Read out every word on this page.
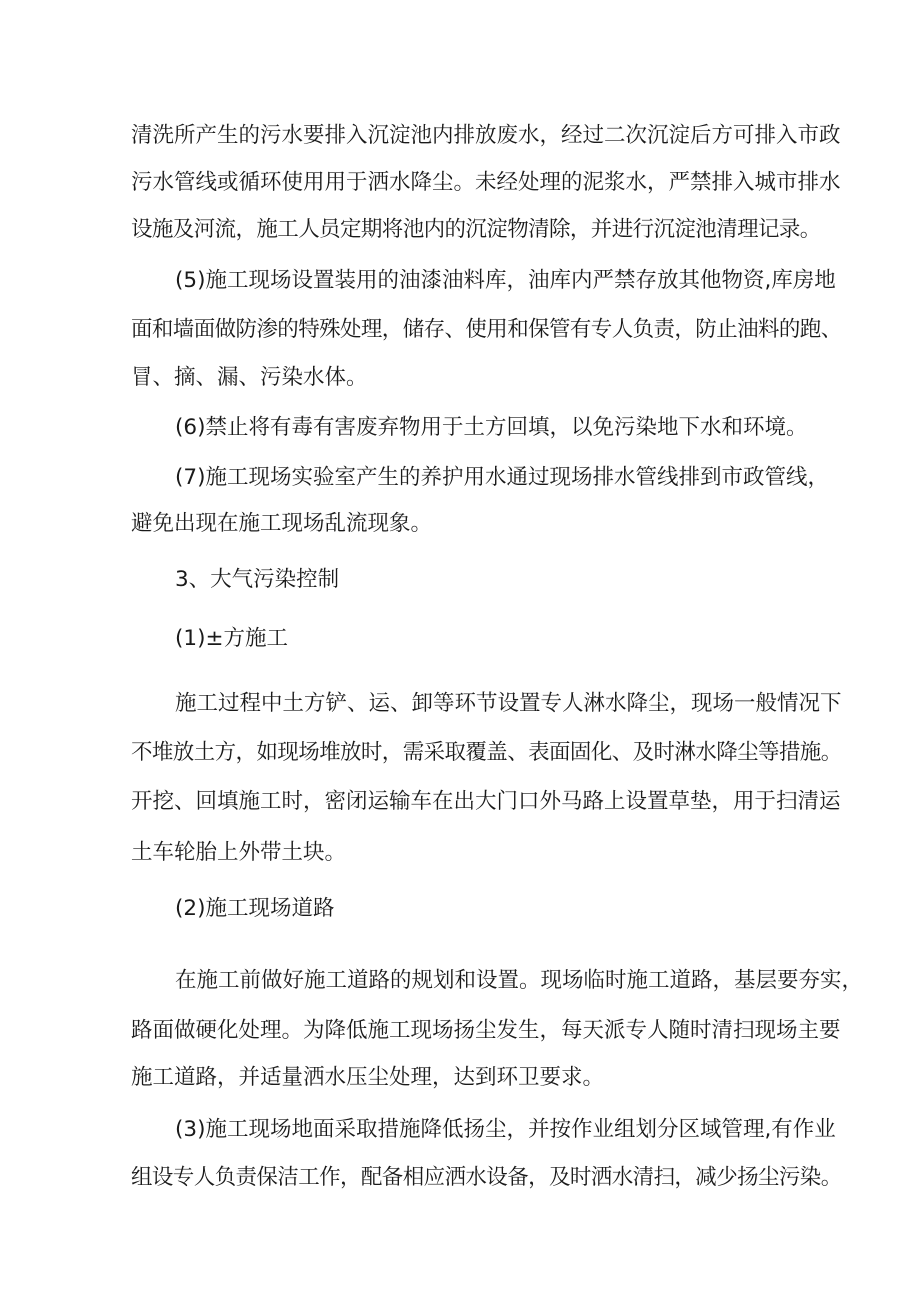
清洗所产生的污水要排入沉淀池内排放废水，经过二次沉淀后方可排入市政
污水管线或循环使用用于洒水降尘。未经处理的泥浆水，严禁排入城市排水
设施及河流，施工人员定期将池内的沉淀物清除，并进行沉淀池清理记录。
(5)施工现场设置装用的油漆油料库，油库内严禁存放其他物资,库房地
面和墙面做防渗的特殊处理，储存、使用和保管有专人负责，防止油料的跑、
冒、摘、漏、污染水体。
(6)禁止将有毒有害废弃物用于土方回填，以免污染地下水和环境。
(7)施工现场实验室产生的养护用水通过现场排水管线排到市政管线，
避免出现在施工现场乱流现象。
3、大气污染控制
(1)±方施工
施工过程中土方铲、运、卸等环节设置专人淋水降尘，现场一般情况下
不堆放土方，如现场堆放时，需采取覆盖、表面固化、及时淋水降尘等措施。
开挖、回填施工时，密闭运输车在出大门口外马路上设置草垫，用于扫清运
土车轮胎上外带土块。
(2)施工现场道路
在施工前做好施工道路的规划和设置。现场临时施工道路，基层要夯实，
路面做硬化处理。为降低施工现场扬尘发生，每天派专人随时清扫现场主要
施工道路，并适量洒水压尘处理，达到环卫要求。
(3)施工现场地面采取措施降低扬尘，并按作业组划分区域管理,有作业
组设专人负责保洁工作，配备相应洒水设备，及时洒水清扫，减少扬尘污染。
